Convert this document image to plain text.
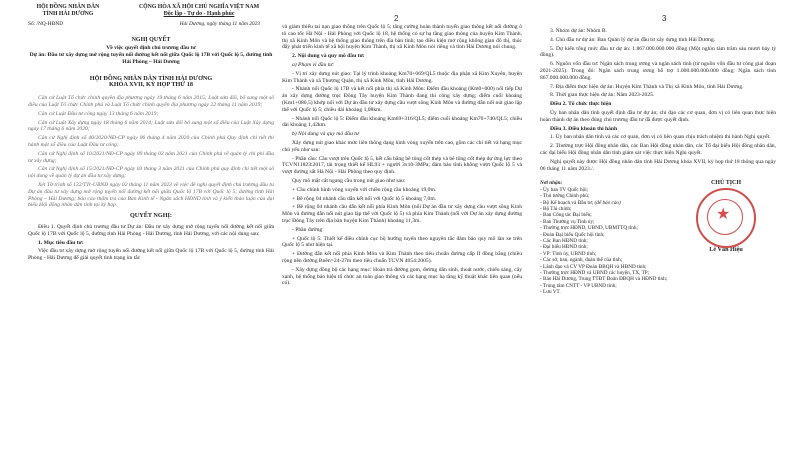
HỘI ĐỒNG NHÂN DÂN
TỈNH HẢI DƯƠNG
CỘNG HÒA XÃ HỘI CHỦ NGHĨA VIỆT NAM
Độc lập - Tự do - Hạnh phúc
Số: /NQ-HĐND	Hải Dương, ngày tháng 11 năm 2023
NGHỊ QUYẾT
Về việc quyết định chủ trương đầu tư
Dự án: Đầu tư xây dựng mở rộng tuyến nối đường kết nối giữa Quốc lộ 17B với Quốc lộ 5, đường tỉnh Hải Phòng – Hải Dương
HỘI ĐỒNG NHÂN DÂN TỈNH HẢI DƯƠNG
KHÓA XVII, KỲ HỌP THỨ 18
Căn cứ Luật Tổ chức chính quyền địa phương ngày 19 tháng 6 năm 2015; Luật sửa đổi, bổ sung một số điều của Luật Tổ chức Chính phủ và Luật Tổ chức chính quyền địa phương ngày 22 tháng 11 năm 2019;
Căn cứ Luật Đầu tư công ngày 13 tháng 6 năm 2019;
Căn cứ Luật Xây dựng ngày 18 tháng 6 năm 2014; Luật sửa đổi bổ sung một số điều của Luật Xây dựng ngày 17 tháng 6 năm 2020;
Căn cứ Nghị định số 40/2020/NĐ-CP ngày 06 tháng 4 năm 2020 của Chính phủ Quy định chi tiết thi hành một số điều của Luật Đầu tư công;
Căn cứ Nghị định số 10/2021/NĐ-CP ngày 09 tháng 02 năm 2021 của Chính phủ về quản lý chi phí đầu tư xây dựng;
Căn cứ Nghị định số 15/2021/NĐ-CP ngày 03 tháng 3 năm 2021 của Chính phủ quy định chi tiết một số nội dung về quản lý dự án đầu tư xây dựng;
Xét Tờ trình số 132/TTr-UBND ngày 02 tháng 11 năm 2023 về việc đề nghị quyết định chủ trương đầu tư Dự án đầu tư xây dựng mở rộng tuyến nối đường kết nối giữa Quốc lộ 17B với Quốc lộ 5; đường tỉnh Hải Phòng – Hải Dương; báo cáo thẩm tra của Ban Kinh tế - Ngân sách HĐND tỉnh và ý kiến thảo luận của đại biểu Hội đồng nhân dân tỉnh tại kỳ họp.
QUYẾT NGHỊ:
Điều 1. Quyết định chủ trương đầu tư Dự án: Đầu tư xây dựng mở rộng tuyến nối đường kết nối giữa Quốc lộ 17B với Quốc lộ 5, đường tỉnh Hải Phòng - Hải Dương, tỉnh Hải Dương, với các nội dung sau:
1. Mục tiêu đầu tư:
Việc đầu tư xây dựng mở rộng tuyến nối đường kết nối giữa Quốc lộ 17B với Quốc lộ 5, đường tỉnh Hải Phòng - Hải Dương để giải quyết tình trạng ùn tắc
2
và giảm thiểu tai nạn giao thông trên Quốc lộ 5; tăng cường hoàn thành tuyến giao thông kết nối đường ô tô cao tốc Hà Nội - Hải Phòng với Quốc lộ 18, hệ thống có sự hạ tầng giao thông của huyện Kim Thành, thị xã Kinh Môn và hệ thống giao thông trên địa bàn tỉnh; tạo điều kiện mở rộng không gian đô thị, thúc đẩy phát triển kinh tế xã hội huyện Kim Thành, thị xã Kinh Môn nói riêng và tỉnh Hải Dương nói chung.
2. Nội dung và quy mô đầu tư:
a) Phạm vi đầu tư:
- Vị trí xây dựng nút giao: Tại lý trình khoảng Km70+069/QL5 thuộc địa phận xã Kim Xuyên, huyện Kim Thành và xã Thượng Quận, thị xã Kinh Môn, tỉnh Hải Dương.
- Nhánh nối Quốc lộ 17B và kết nối phía thị xã Kinh Môn: Điểm đầu khoảng (Km0+000) nối tiếp Dự án xây dựng đường trục Đông Tây huyện Kim Thành đang thi công xây dựng; điểm cuối khoảng (Km1+080,5) khớp nối với Dự án đầu tư xây dựng cầu vượt sông Kinh Môn và đường dẫn nối nút giao lập thể với Quốc lộ 5; chiều dài khoảng 1,08km.
- Nhánh nối Quốc lộ 5: Điểm đầu khoảng Km69+316/QL5; điểm cuối khoảng Km70+740/QL5; chiều dài khoảng 1,42km.
b) Nội dung và quy mô đầu tư
Xây dựng nút giao khác mức liên thông dạng hình vòng xuyến trên cao, gồm các chi tiết và hạng mục chủ yếu như sau:
- Phần cầu: Cầu vượt trên Quốc lộ 5, kết cấu bằng bê tông cốt thép và bê tông cốt thép dự ứng lực theo TCVN11823:2017, tải trọng thiết kế HL93 + người 3x10-3MPa; đảm bảo tĩnh không vượt Quốc lộ 5 và vượt đường sắt Hà Nội - Hải Phòng theo quy định.
Quy mô mặt cắt ngang cầu trong nút giao như sau:
+ Cầu chính hình vòng xuyến với chiều rộng cầu khoảng 19,0m.
+ Bề rộng 04 nhánh cầu dẫn kết nối với Quốc lộ 5 khoảng 7,0m.
+ Bề rộng 04 nhánh cầu dẫn kết nối phía Kinh Môn (nối Dự án đầu tư xây dựng cầu vượt sông Kinh Môn và đường dẫn nối nút giao lập thể với Quốc lộ 5) và phía Kim Thành (nối với Dự án xây dựng đường trục Đông Tây trên địa bàn huyện Kim Thành) khoảng 11,3m.
- Phần đường:
+ Quốc lộ 5: Thiết kế điều chỉnh cục bộ hướng tuyến theo nguyên tắc đảm bảo quy mô làn xe trên Quốc lộ 5 như hiện tại.
+ Đường dẫn kết nối phía Kinh Môn và Kim Thành theo tiêu chuẩn đường cấp II đồng bằng (chiều rộng nền đường Bnền=24-27m theo tiêu chuẩn TCVN 4054:2005).
- Xây dựng đồng bộ các hạng mục: Hoàn trả đường gom, đường dân sinh, thoát nước, chiếu sáng, cây xanh, hệ thống báo hiệu tổ chức an toàn giao thông và các hạng mục hạ tầng kỹ thuật khác liên quan (nếu có).
3
3. Nhóm dự án: Nhóm B.
4. Chủ đầu tư dự án: Ban Quản lý dự án đầu tư xây dựng tỉnh Hải Dương.
5. Dự kiến tổng mức đầu tư dự án: 1.867.000.000.000 đồng (Một nghìn tám trăm sáu mươi bảy tỷ đồng).
6. Nguồn vốn đầu tư: Ngân sách trung ương và ngân sách tỉnh (từ nguồn vốn đầu tư công giai đoạn 2021-2025). Trong đó: Ngân sách trung ương hỗ trợ 1.000.000.000.000 đồng; Ngân sách tỉnh 867.000.000.000 đồng.
7. Địa điểm thực hiện dự án: Huyện Kim Thành và Thị xã Kinh Môn, tỉnh Hải Dương.
8. Thời gian thực hiện dự án: Năm 2023-2025.
Điều 2. Tổ chức thực hiện
Ủy ban nhân dân tỉnh quyết định đầu tư dự án; chỉ đạo các cơ quan, đơn vị có liên quan thực hiện hoàn thành dự án theo đúng chủ trương đầu tư đã được quyết định.
Điều 3. Điều khoản thi hành
1. Ủy ban nhân dân tỉnh và các cơ quan, đơn vị có liên quan chịu trách nhiệm thi hành Nghị quyết.
2. Thường trực Hội đồng nhân dân, các Ban Hội đồng nhân dân, các Tổ đại biểu Hội đồng nhân dân, các đại biểu Hội đồng nhân dân tỉnh giám sát việc thực hiện Nghị quyết.
Nghị quyết này được Hội đồng nhân dân tỉnh Hải Dương khóa XVII, kỳ họp thứ 18 thông qua ngày 06 tháng 11 năm 2023./.
Nơi nhận:
- Ủy ban TV Quốc hội;
- Thủ tướng Chính phủ;
- Bộ Kế hoạch và Đầu tư; (để báo cáo)
- Bộ Tài chính;
- Ban Công tác Đại biểu;
- Ban Thường vụ Tỉnh ủy;
- Thường trực HĐND, UBND, UBMTTQ tỉnh;
- Đoàn Đại biểu Quốc hội tỉnh;
- Các Ban HĐND tỉnh;
- Đại biểu HĐND tỉnh;
- VP: Tỉnh ủy, UBND tỉnh;
- Các sở, ban, ngành, đoàn thể của tỉnh;
- Lãnh đạo và CV VP Đoàn ĐBQH và HĐND tỉnh;
- Thường trực HĐND và UBND các huyện, TX, TP;
- Báo Hải Dương, Trung TTĐT Đoàn ĐBQH và HĐND tỉnh;
- Trung tâm CNTT - VP UBND tỉnh;
- Lưu VT.
CHỦ TỊCH
★
Lê Văn Hiệu
